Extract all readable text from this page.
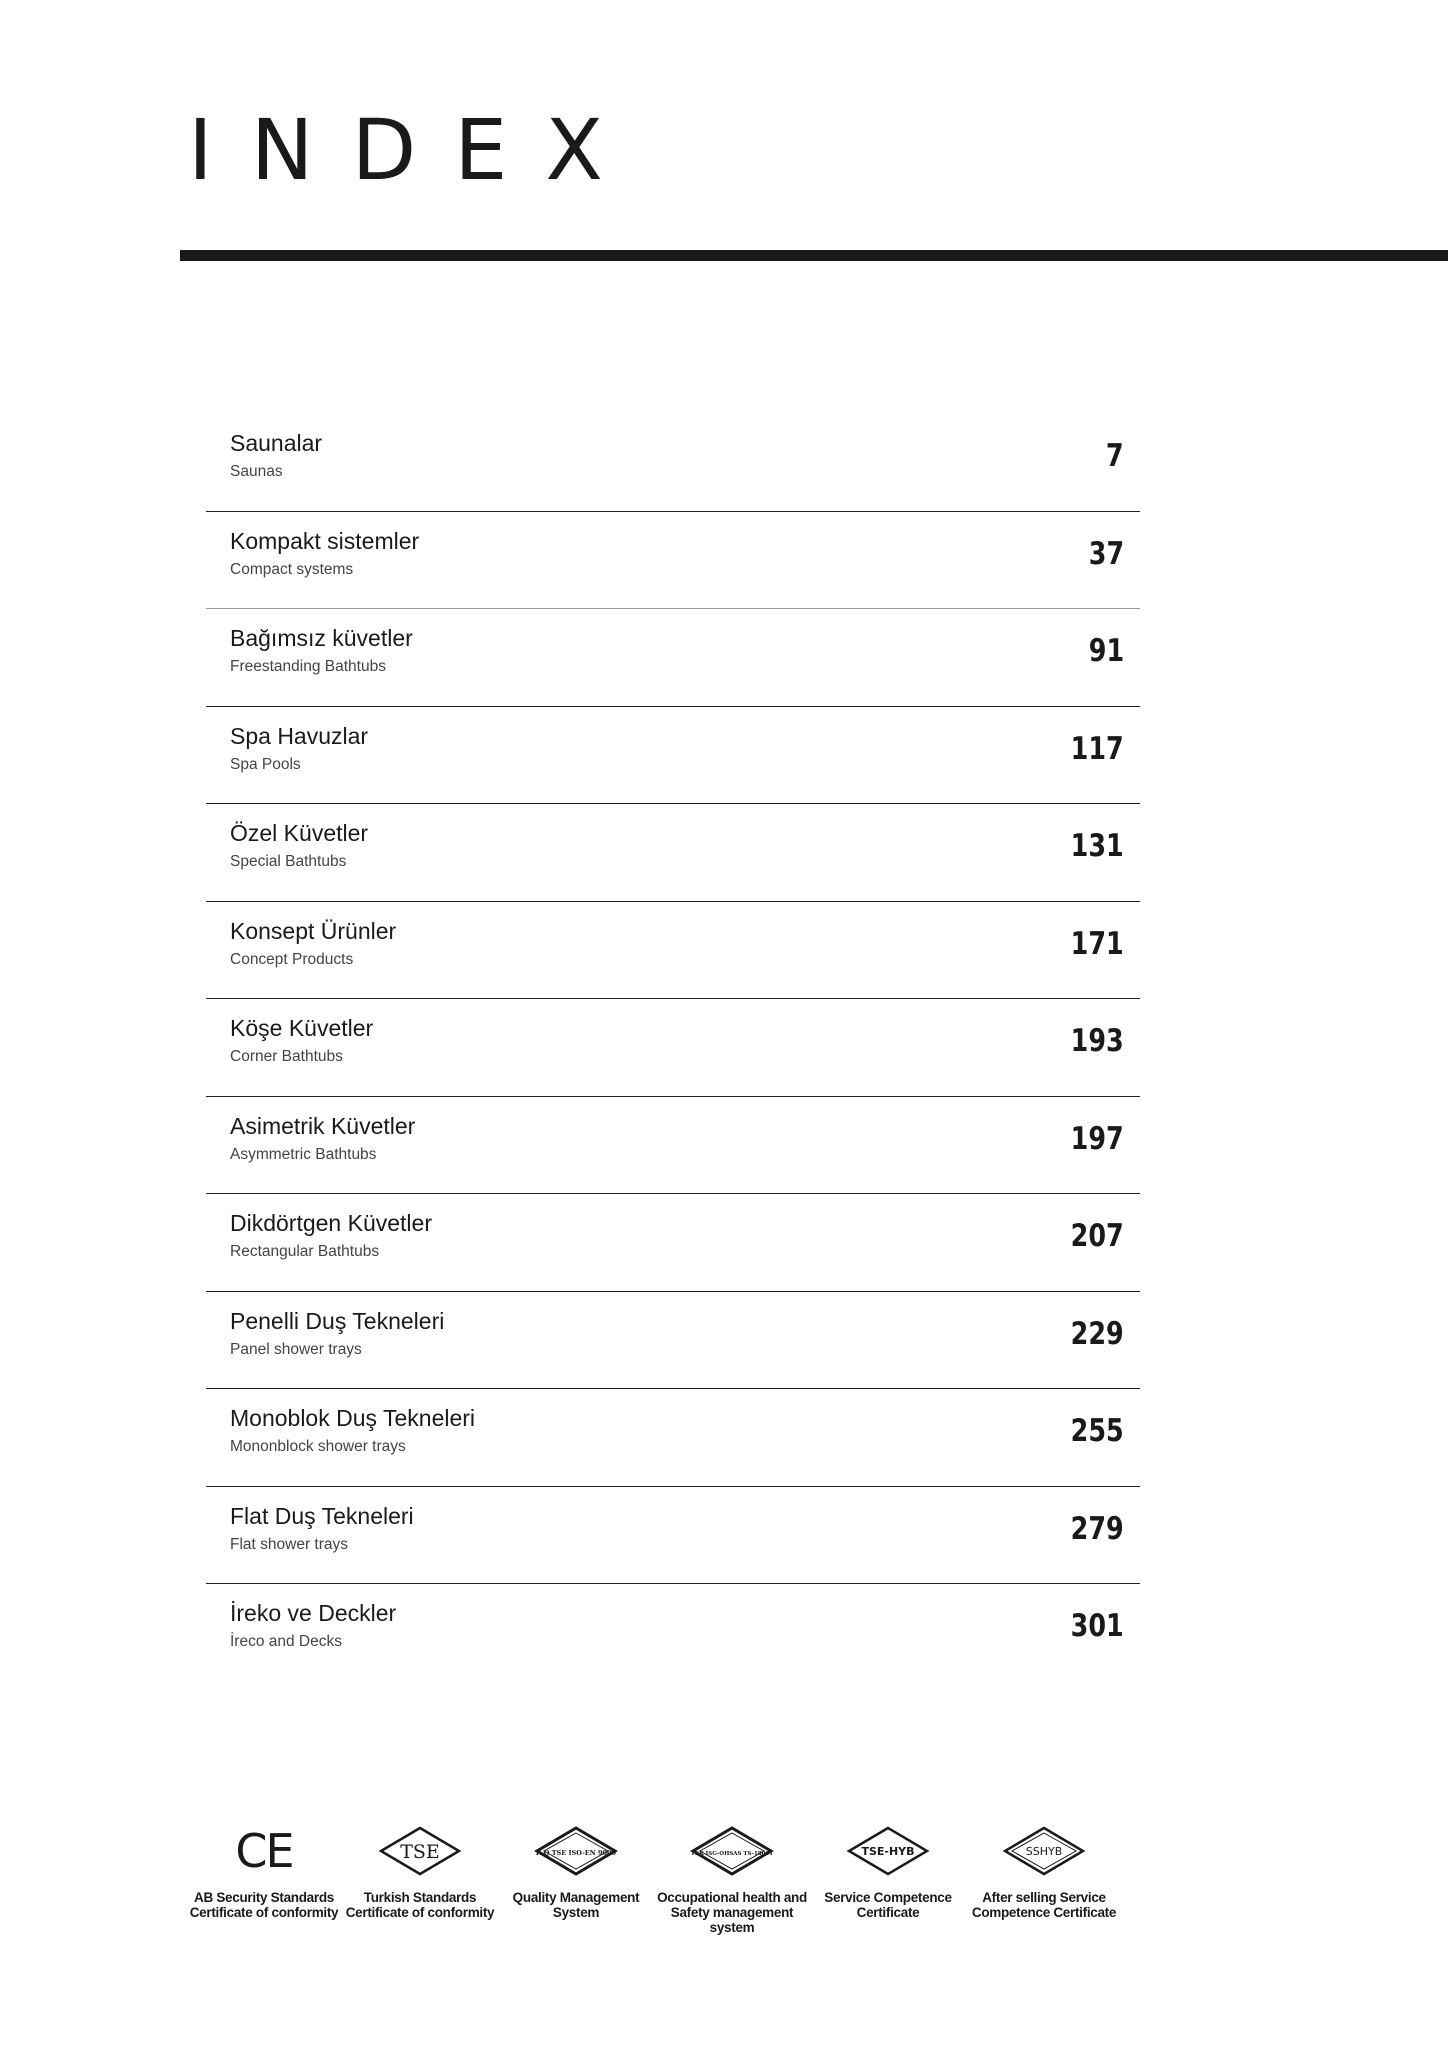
INDEX
Saunalar
Saunas	7
Kompakt sistemler
Compact systems	37
Bağımsız küvetler
Freestanding Bathtubs	91
Spa Havuzlar
Spa Pools	117
Özel Küvetler
Special Bathtubs	131
Konsept Ürünler
Concept Products	171
Köşe Küvetler
Corner Bathtubs	193
Asimetrik Küvetler
Asymmetric Bathtubs	197
Dikdörtgen Küvetler
Rectangular Bathtubs	207
Penelli Duş Tekneleri
Panel shower trays	229
Monoblok Duş Tekneleri
Mononblock shower trays	255
Flat Duş Tekneleri
Flat shower trays	279
İreko ve Deckler
İreco and Decks	301
CE
AB Security Standards
Certificate of conformity
TSE
Turkish Standards
Certificate of conformity
K-Q TSE ISO-EN 9000
Quality Management
System
TSK ISG-OHSAS TS-18001
Occupational health and
Safety management system
TSE-HYB
Service Competence
Certificate
SSHYB
After selling Service
Competence Certificate
